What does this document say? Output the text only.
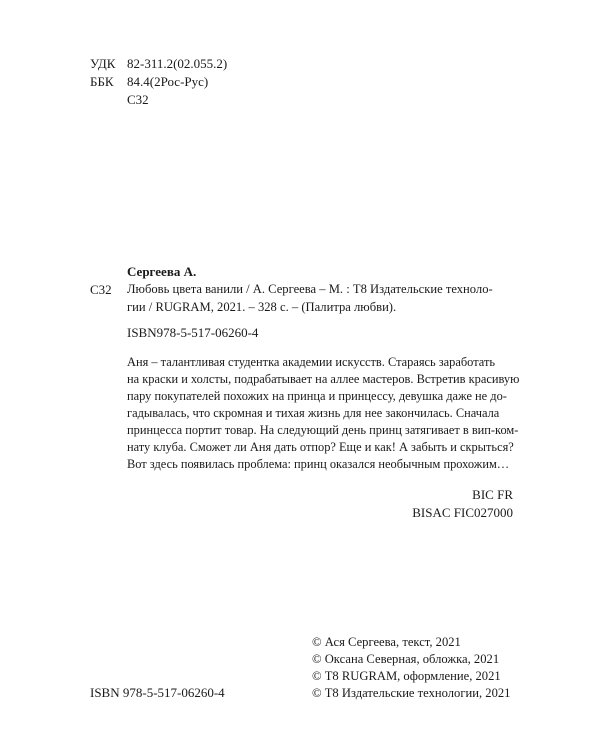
УДК 82-311.2(02.055.2)
ББК 84.4(2Рос-Рус)
С32
Сергеева А.
С32 Любовь цвета ванили / А. Сергеева – М. : Т8 Издательские техноло-
гии / RUGRAM, 2021. – 328 с. – (Палитра любви).
ISBN978-5-517-06260-4
Аня – талантливая студентка академии искусств. Стараясь заработать
на краски и холсты, подрабатывает на аллее мастеров. Встретив красивую
пару покупателей похожих на принца и принцессу, девушка даже не до-
гадывалась, что скромная и тихая жизнь для нее закончилась. Сначала
принцесса портит товар. На следующий день принц затягивает в вип-ком-
нату клуба. Сможет ли Аня дать отпор? Еще и как! А забыть и скрыться?
Вот здесь появилась проблема: принц оказался необычным прохожим…
BIC FR
BISAC FIC027000
ISBN 978-5-517-06260-4
© Ася Сергеева, текст, 2021
© Оксана Северная, обложка, 2021
© Т8 RUGRAM, оформление, 2021
© Т8 Издательские технологии, 2021
